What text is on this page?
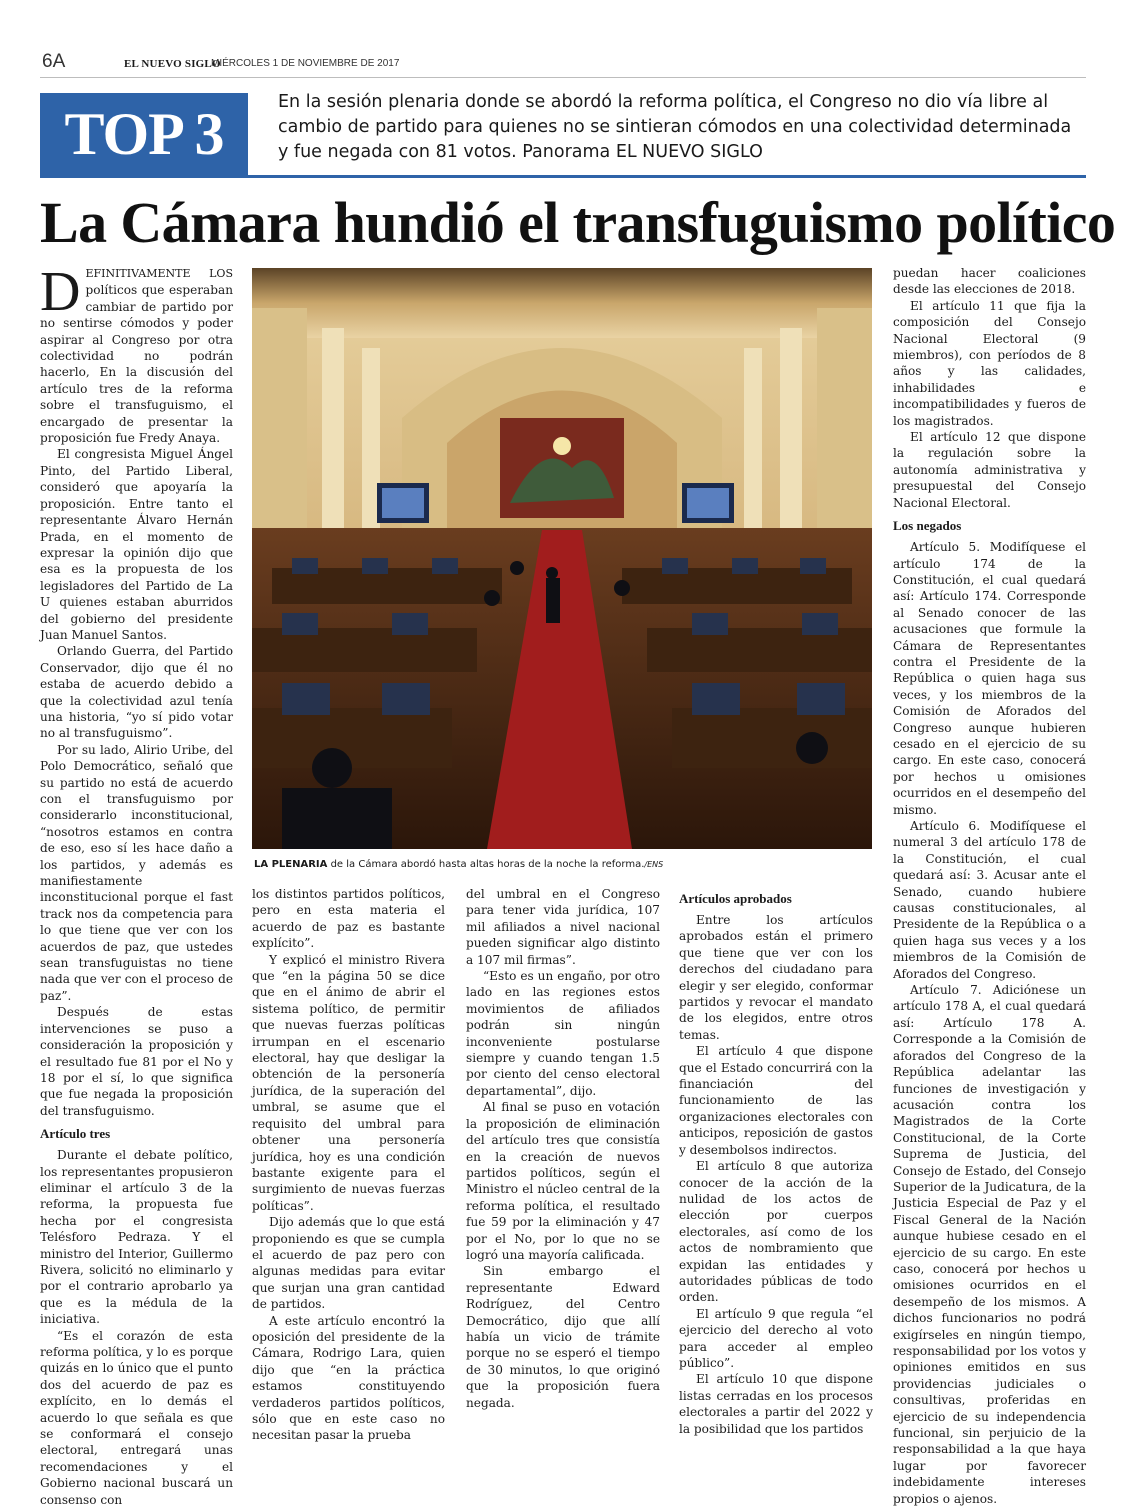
6A	EL NUEVO SIGLO
MIÉRCOLES 1 DE NOVIEMBRE DE 2017
TOP 3	En la sesión plenaria donde se abordó la reforma política, el Congreso no dio vía libre al cambio de partido para quienes no se sintieran cómodos en una colectividad determinada y fue negada con 81 votos. Panorama EL NUEVO SIGLO
La Cámara hundió el transfuguismo político

DEFINITIVAMENTE LOS políticos que esperaban cambiar de partido por no sentirse cómodos y poder aspirar al Congreso por otra colectividad no podrán hacerlo, En la discusión del artículo tres de la reforma sobre el transfuguismo, el encargado de presentar la proposición fue Fredy Anaya.

El congresista Miguel Ángel Pinto, del Partido Liberal, consideró que apoyaría la proposición. Entre tanto el representante Álvaro Hernán Prada, en el momento de expresar la opinión dijo que esa es la propuesta de los legisladores del Partido de La U quienes estaban aburridos del gobierno del presidente Juan Manuel Santos.

Orlando Guerra, del Partido Conservador, dijo que él no estaba de acuerdo debido a que la colectividad azul tenía una historia, “yo sí pido votar no al transfuguismo”.

Por su lado, Alirio Uribe, del Polo Democrático, señaló que su partido no está de acuerdo con el transfuguismo por considerarlo inconstitucional, “nosotros estamos en contra de eso, eso sí les hace daño a los partidos, y además es manifiestamente inconstitucional porque el fast track nos da competencia para lo que tiene que ver con los acuerdos de paz, que ustedes sean transfuguistas no tiene nada que ver con el proceso de paz”.

Después de estas intervenciones se puso a consideración la proposición y el resultado fue 81 por el No y 18 por el sí, lo que significa que fue negada la proposición del transfuguismo.

Artículo tres

Durante el debate político, los representantes propusieron eliminar el artículo 3 de la reforma, la propuesta fue hecha por el congresista Telésforo Pedraza. Y el ministro del Interior, Guillermo Rivera, solicitó no eliminarlo y por el contrario aprobarlo ya que es la médula de la iniciativa.

“Es el corazón de esta reforma política, y lo es porque quizás en lo único que el punto dos del acuerdo de paz es explícito, en lo demás el acuerdo lo que señala es que se conformará el consejo electoral, entregará unas recomendaciones y el Gobierno nacional buscará un consenso con

LA PLENARIA de la Cámara abordó hasta altas horas de la noche la reforma./ENS

los distintos partidos políticos, pero en esta materia el acuerdo de paz es bastante explícito”.

Y explicó el ministro Rivera que “en la página 50 se dice que en el ánimo de abrir el sistema político, de permitir que nuevas fuerzas políticas irrumpan en el escenario electoral, hay que desligar la obtención de la personería jurídica, de la superación del umbral, se asume que el requisito del umbral para obtener una personería jurídica, hoy es una condición bastante exigente para el surgimiento de nuevas fuerzas políticas”.

Dijo además que lo que está proponiendo es que se cumpla el acuerdo de paz pero con algunas medidas para evitar que surjan una gran cantidad de partidos.

A este artículo encontró la oposición del presidente de la Cámara, Rodrigo Lara, quien dijo que “en la práctica estamos constituyendo verdaderos partidos políticos, sólo que en este caso no necesitan pasar la prueba

del umbral en el Congreso para tener vida jurídica, 107 mil afiliados a nivel nacional pueden significar algo distinto a 107 mil firmas”.

“Esto es un engaño, por otro lado en las regiones estos movimientos de afiliados podrán sin ningún inconveniente postularse siempre y cuando tengan 1.5 por ciento del censo electoral departamental”, dijo.

Al final se puso en votación la proposición de eliminación del artículo tres que consistía en la creación de nuevos partidos políticos, según el Ministro el núcleo central de la reforma política, el resultado fue 59 por la eliminación y 47 por el No, por lo que no se logró una mayoría calificada.

Sin embargo el representante Edward Rodríguez, del Centro Democrático, dijo que allí había un vicio de trámite porque no se esperó el tiempo de 30 minutos, lo que originó que la proposición fuera negada.

Artículos aprobados

Entre los artículos aprobados están el primero que tiene que ver con los derechos del ciudadano para elegir y ser elegido, conformar partidos y revocar el mandato de los elegidos, entre otros temas.

El artículo 4 que dispone que el Estado concurrirá con la financiación del funcionamiento de las organizaciones electorales con anticipos, reposición de gastos y desembolsos indirectos.

El artículo 8 que autoriza conocer de la acción de la nulidad de los actos de elección por cuerpos electorales, así como de los actos de nombramiento que expidan las entidades y autoridades públicas de todo orden.

El artículo 9 que regula “el ejercicio del derecho al voto para acceder al empleo público”.

El artículo 10 que dispone listas cerradas en los procesos electorales a partir del 2022 y la posibilidad que los partidos

puedan hacer coaliciones desde las elecciones de 2018.

El artículo 11 que fija la composición del Consejo Nacional Electoral (9 miembros), con períodos de 8 años y las calidades, inhabilidades e incompatibilidades y fueros de los magistrados.

El artículo 12 que dispone la regulación sobre la autonomía administrativa y presupuestal del Consejo Nacional Electoral.

Los negados

Artículo 5. Modifíquese el artículo 174 de la Constitución, el cual quedará así: Artículo 174. Corresponde al Senado conocer de las acusaciones que formule la Cámara de Representantes contra el Presidente de la República o quien haga sus veces, y los miembros de la Comisión de Aforados del Congreso aunque hubieren cesado en el ejercicio de su cargo. En este caso, conocerá por hechos u omisiones ocurridos en el desempeño del mismo.

Artículo 6. Modifíquese el numeral 3 del artículo 178 de la Constitución, el cual quedará así: 3. Acusar ante el Senado, cuando hubiere causas constitucionales, al Presidente de la República o a quien haga sus veces y a los miembros de la Comisión de Aforados del Congreso.

Artículo 7. Adiciónese un artículo 178 A, el cual quedará así: Artículo 178 A. Corresponde a la Comisión de aforados del Congreso de la República adelantar las funciones de investigación y acusación contra los Magistrados de la Corte Constitucional, de la Corte Suprema de Justicia, del Consejo de Estado, del Consejo Superior de la Judicatura, de la Justicia Especial de Paz y el Fiscal General de la Nación aunque hubiese cesado en el ejercicio de su cargo. En este caso, conocerá por hechos u omisiones ocurridos en el desempeño de los mismos. A dichos funcionarios no podrá exigírseles en ningún tiempo, responsabilidad por los votos y opiniones emitidos en sus providencias judiciales o consultivas, proferidas en ejercicio de su independencia funcional, sin perjuicio de la responsabilidad a la que haya lugar por favorecer indebidamente intereses propios o ajenos.
